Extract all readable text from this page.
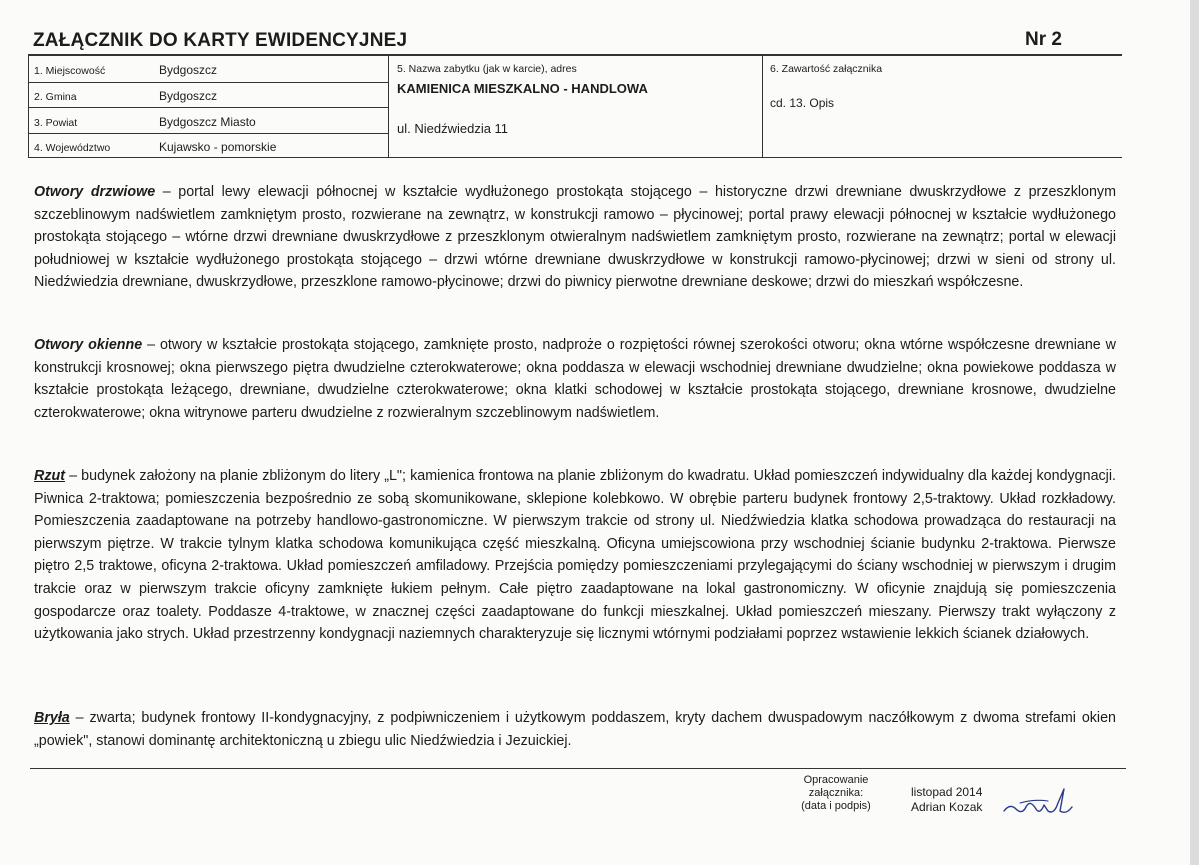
ZAŁĄCZNIK DO KARTY EWIDENCYJNEJ	Nr 2
1. Miejscowość	Bydgoszcz
2. Gmina	Bydgoszcz
3. Powiat	Bydgoszcz Miasto
4. Województwo	Kujawsko - pomorskie
5. Nazwa zabytku (jak w karcie), adres
KAMIENICA MIESZKALNO - HANDLOWA
ul. Niedźwiedzia 11
6. Zawartość załącznika
cd. 13. Opis

Otwory drzwiowe – portal lewy elewacji północnej w kształcie wydłużonego prostokąta stojącego – historyczne drzwi drewniane dwuskrzydłowe z przeszklonym szczeblinowym nadświetlem zamkniętym prosto, rozwierane na zewnątrz, w konstrukcji ramowo – płycinowej; portal prawy elewacji północnej w kształcie wydłużonego prostokąta stojącego – wtórne drzwi drewniane dwuskrzydłowe z przeszklonym otwieralnym nadświetlem zamkniętym prosto, rozwierane na zewnątrz; portal w elewacji południowej w kształcie wydłużonego prostokąta stojącego – drzwi wtórne drewniane dwuskrzydłowe w konstrukcji ramowo-płycinowej; drzwi w sieni od strony ul. Niedźwiedzia drewniane, dwuskrzydłowe, przeszklone ramowo-płycinowe; drzwi do piwnicy pierwotne drewniane deskowe; drzwi do mieszkań współczesne.

Otwory okienne – otwory w kształcie prostokąta stojącego, zamknięte prosto, nadproże o rozpiętości równej szerokości otworu; okna wtórne współczesne drewniane w konstrukcji krosnowej; okna pierwszego piętra dwudzielne czterokwaterowe; okna poddasza w elewacji wschodniej drewniane dwudzielne; okna powiekowe poddasza w kształcie prostokąta leżącego, drewniane, dwudzielne czterokwaterowe; okna klatki schodowej w kształcie prostokąta stojącego, drewniane krosnowe, dwudzielne czterokwaterowe; okna witrynowe parteru dwudzielne z rozwieralnym szczeblinowym nadświetlem.

Rzut – budynek założony na planie zbliżonym do litery „L"; kamienica frontowa na planie zbliżonym do kwadratu. Układ pomieszczeń indywidualny dla każdej kondygnacji. Piwnica 2-traktowa; pomieszczenia bezpośrednio ze sobą skomunikowane, sklepione kolebkowo. W obrębie parteru budynek frontowy 2,5-traktowy. Układ rozkładowy. Pomieszczenia zaadaptowane na potrzeby handlowo-gastronomiczne. W pierwszym trakcie od strony ul. Niedźwiedzia klatka schodowa prowadząca do restauracji na pierwszym piętrze. W trakcie tylnym klatka schodowa komunikująca część mieszkalną. Oficyna umiejscowiona przy wschodniej ścianie budynku 2-traktowa. Pierwsze piętro 2,5 traktowe, oficyna 2-traktowa. Układ pomieszczeń amfiladowy. Przejścia pomiędzy pomieszczeniami przylegającymi do ściany wschodniej w pierwszym i drugim trakcie oraz w pierwszym trakcie oficyny zamknięte łukiem pełnym. Całe piętro zaadaptowane na lokal gastronomiczny. W oficynie znajdują się pomieszczenia gospodarcze oraz toalety. Poddasze 4-traktowe, w znacznej części zaadaptowane do funkcji mieszkalnej. Układ pomieszczeń mieszany. Pierwszy trakt wyłączony z użytkowania jako strych. Układ przestrzenny kondygnacji naziemnych charakteryzuje się licznymi wtórnymi podziałami poprzez wstawienie lekkich ścianek działowych.

Bryła – zwarta; budynek frontowy II-kondygnacyjny, z podpiwniczeniem i użytkowym poddaszem, kryty dachem dwuspadowym naczółkowym z dwoma strefami okien „powiek", stanowi dominantę architektoniczną u zbiegu ulic Niedźwiedzia i Jezuickiej.

Opracowanie
załącznika:
(data i podpis)
listopad 2014
Adrian Kozak
